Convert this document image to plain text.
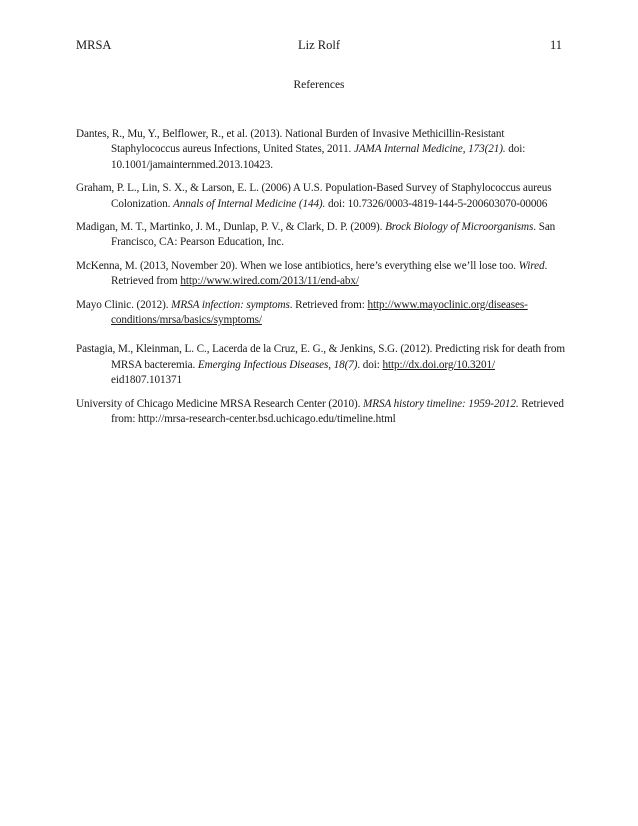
MRSA	Liz Rolf	11
References

Dantes, R., Mu, Y., Belflower, R., et al. (2013). National Burden of Invasive Methicillin-Resistant Staphylococcus aureus Infections, United States, 2011. JAMA Internal Medicine, 173(21). doi: 10.1001/jamainternmed.2013.10423.

Graham, P. L., Lin, S. X., & Larson, E. L. (2006) A U.S. Population-Based Survey of Staphylococcus aureus Colonization. Annals of Internal Medicine (144). doi: 10.7326/0003-4819-144-5-200603070-00006

Madigan, M. T., Martinko, J. M., Dunlap, P. V., & Clark, D. P. (2009). Brock Biology of Microorganisms. San Francisco, CA: Pearson Education, Inc.

McKenna, M. (2013, November 20). When we lose antibiotics, here’s everything else we’ll lose too. Wired. Retrieved from http://www.wired.com/2013/11/end-abx/

Mayo Clinic. (2012). MRSA infection: symptoms. Retrieved from: http://www.mayoclinic.org/diseases-conditions/mrsa/basics/symptoms/

Pastagia, M., Kleinman, L. C., Lacerda de la Cruz, E. G., & Jenkins, S.G. (2012). Predicting risk for death from MRSA bacteremia. Emerging Infectious Diseases, 18(7). doi: http://dx.doi.org/10.3201/ eid1807.101371

University of Chicago Medicine MRSA Research Center (2010). MRSA history timeline: 1959-2012. Retrieved from: http://mrsa-research-center.bsd.uchicago.edu/timeline.html
